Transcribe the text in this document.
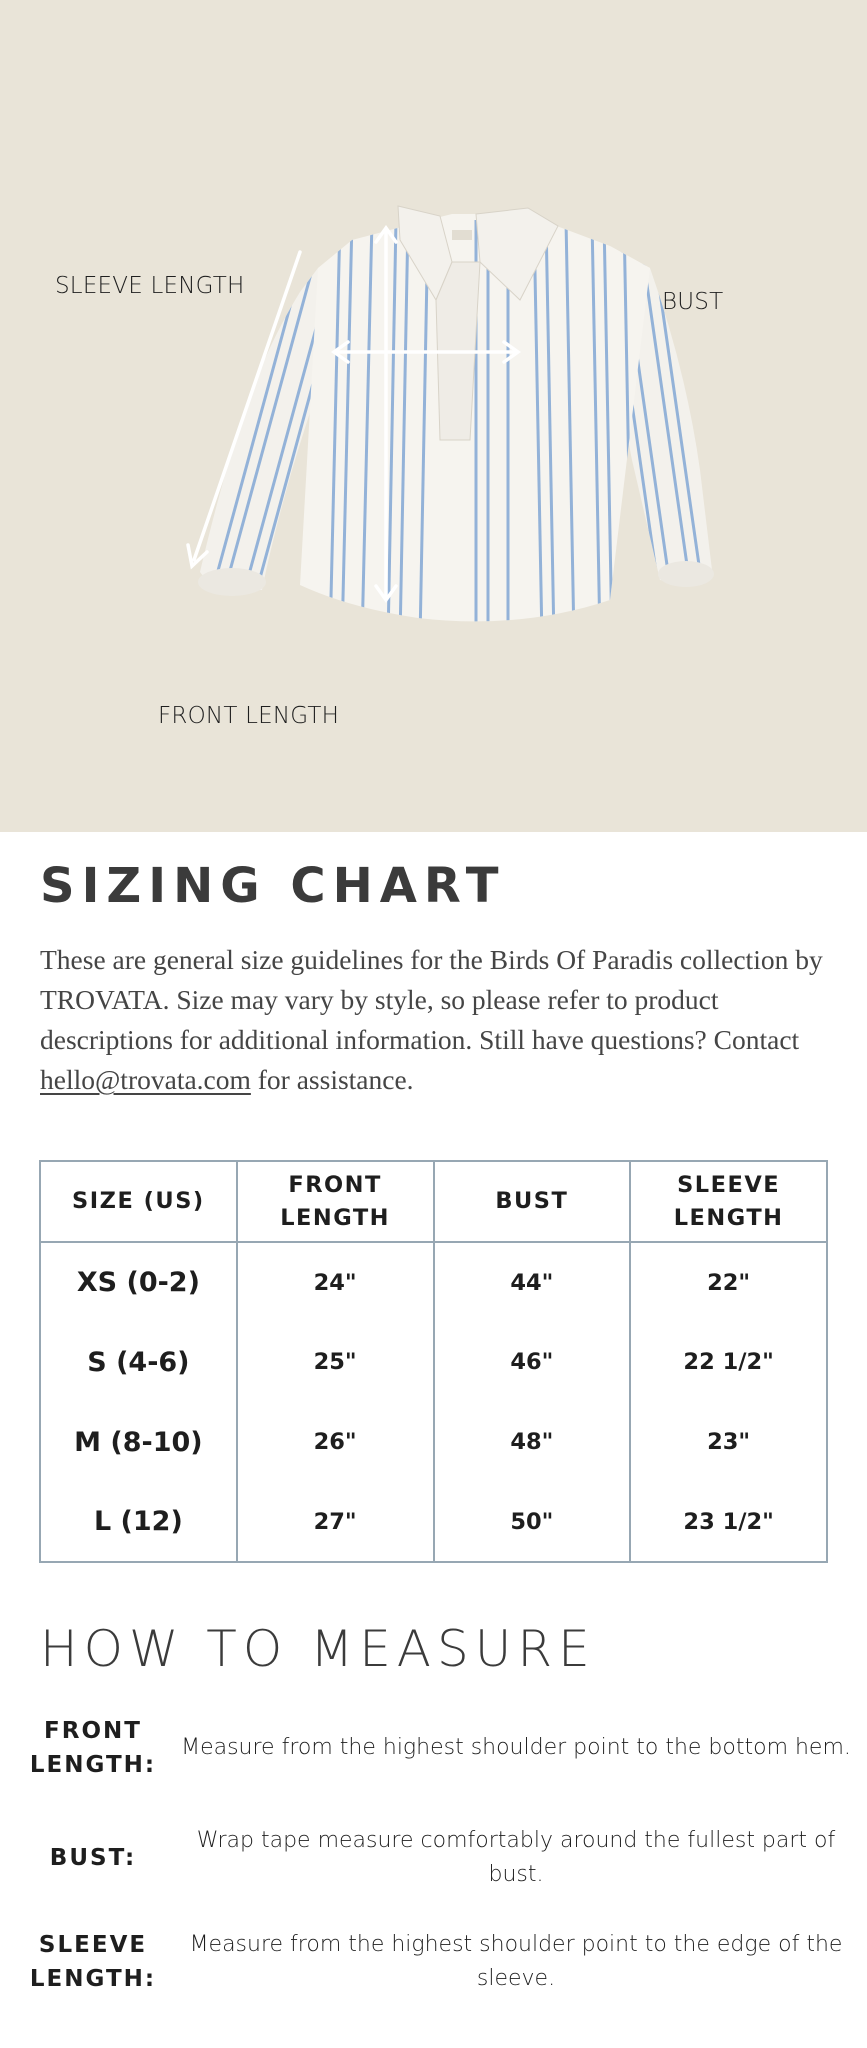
SLEEVE LENGTH
BUST
FRONT LENGTH
SIZING CHART

These are general size guidelines for the Birds Of Paradis collection by TROVATA. Size may vary by style, so please refer to product descriptions for additional information. Still have questions? Contact hello@trovata.com for assistance.

SIZE (US)	FRONT LENGTH	BUST	SLEEVE LENGTH
XS (0-2)	24"	44"	22"
S (4-6)	25"	46"	22 1/2"
M (8-10)	26"	48"	23"
L (12)	27"	50"	23 1/2"
HOW TO MEASURE
FRONT LENGTH:
Measure from the highest shoulder point to the bottom hem.
BUST:
Wrap tape measure comfortably around the fullest part of bust.
SLEEVE LENGTH:
Measure from the highest shoulder point to the edge of the sleeve.
